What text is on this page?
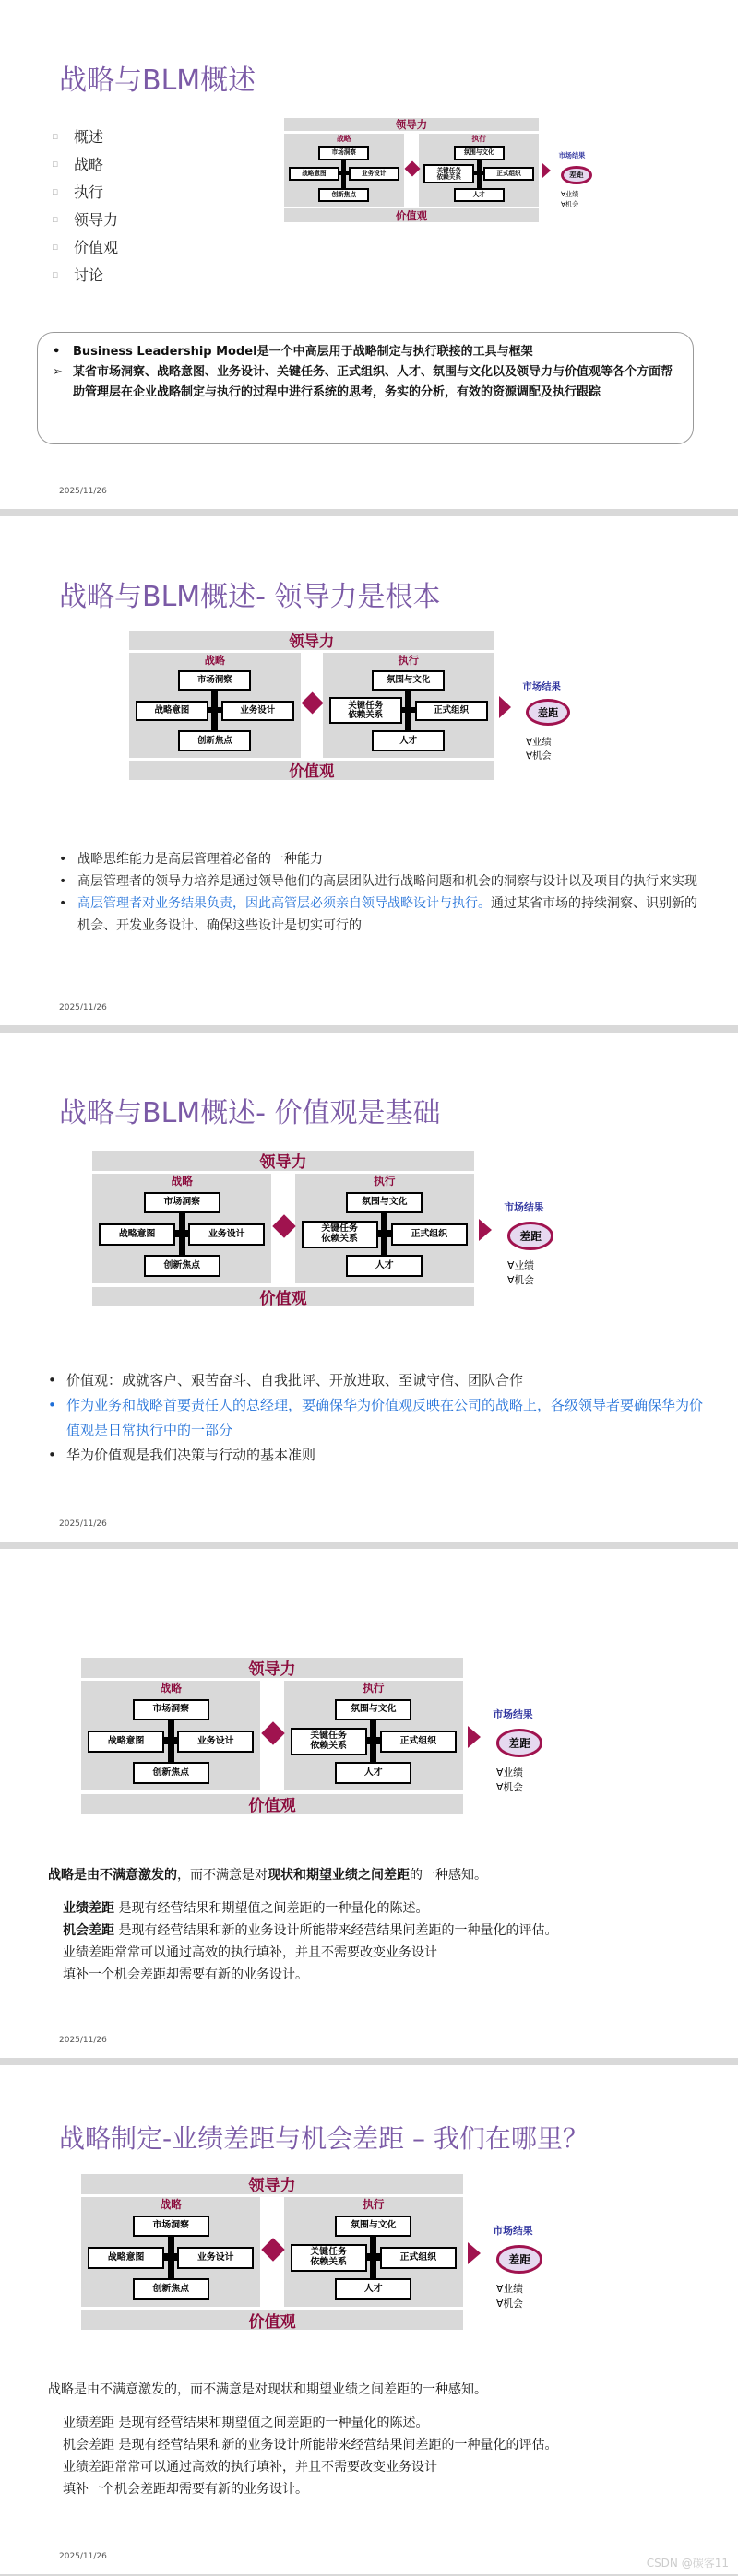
战略与BLM概述
▫	概述
▫	战略
▫	执行
▫	领导力
▫	价值观
▫	讨论
领导力
价值观
战略
市场洞察
战略意图	业务设计
创新焦点
执行
氛围与文化
关键任务
依赖关系	正式组织
人才
市场结果
差距
∀业绩
∀机会
•	Business Leadership Model是一个中高层用于战略制定与执行联接的工具与框架
➢ 某省市场洞察、战略意图、业务设计、关键任务、正式组织、人才、氛围与文化以及领导力与价值观等各个方面帮助管理层在企业战略制定与执行的过程中进行系统的思考，务实的分析，有效的资源调配及执行跟踪
2025/11/26
战略与BLM概述- 领导力是根本
领导力
价值观
战略
市场洞察
战略意图	业务设计
创新焦点
执行
氛围与文化
关键任务
依赖关系	正式组织
人才
市场结果
差距
∀业绩
∀机会
• 战略思维能力是高层管理着必备的一种能力
• 高层管理者的领导力培养是通过领导他们的高层团队进行战略问题和机会的洞察与设计以及项目的执行来实现
• 高层管理者对业务结果负责，因此高管层必须亲自领导战略设计与执行。通过某省市场的持续洞察、识别新的机会、开发业务设计、确保这些设计是切实可行的
2025/11/26
战略与BLM概述- 价值观是基础
领导力
价值观
战略
市场洞察
战略意图	业务设计
创新焦点
执行
氛围与文化
关键任务
依赖关系	正式组织
人才
市场结果
差距
∀业绩
∀机会
• 价值观：成就客户、艰苦奋斗、自我批评、开放进取、至诚守信、团队合作
• 作为业务和战略首要责任人的总经理，要确保华为价值观反映在公司的战略上，各级领导者要确保华为价值观是日常执行中的一部分
• 华为价值观是我们决策与行动的基本准则
2025/11/26
领导力
价值观
战略
市场洞察
战略意图	业务设计
创新焦点
执行
氛围与文化
关键任务
依赖关系	正式组织
人才
市场结果
差距
∀业绩
∀机会
战略是由不满意激发的，而不满意是对现状和期望业绩之间差距的一种感知。
业绩差距 是现有经营结果和期望值之间差距的一种量化的陈述。
机会差距 是现有经营结果和新的业务设计所能带来经营结果间差距的一种量化的评估。
业绩差距常常可以通过高效的执行填补，并且不需要改变业务设计
填补一个机会差距却需要有新的业务设计。
2025/11/26
战略制定-业绩差距与机会差距 – 我们在哪里？
领导力
价值观
战略
市场洞察
战略意图	业务设计
创新焦点
执行
氛围与文化
关键任务
依赖关系	正式组织
人才
市场结果
差距
∀业绩
∀机会
战略是由不满意激发的，而不满意是对现状和期望业绩之间差距的一种感知。
业绩差距 是现有经营结果和期望值之间差距的一种量化的陈述。
机会差距 是现有经营结果和新的业务设计所能带来经营结果间差距的一种量化的评估。
业绩差距常常可以通过高效的执行填补，并且不需要改变业务设计
填补一个机会差距却需要有新的业务设计。
2025/11/26	CSDN @碳客11
